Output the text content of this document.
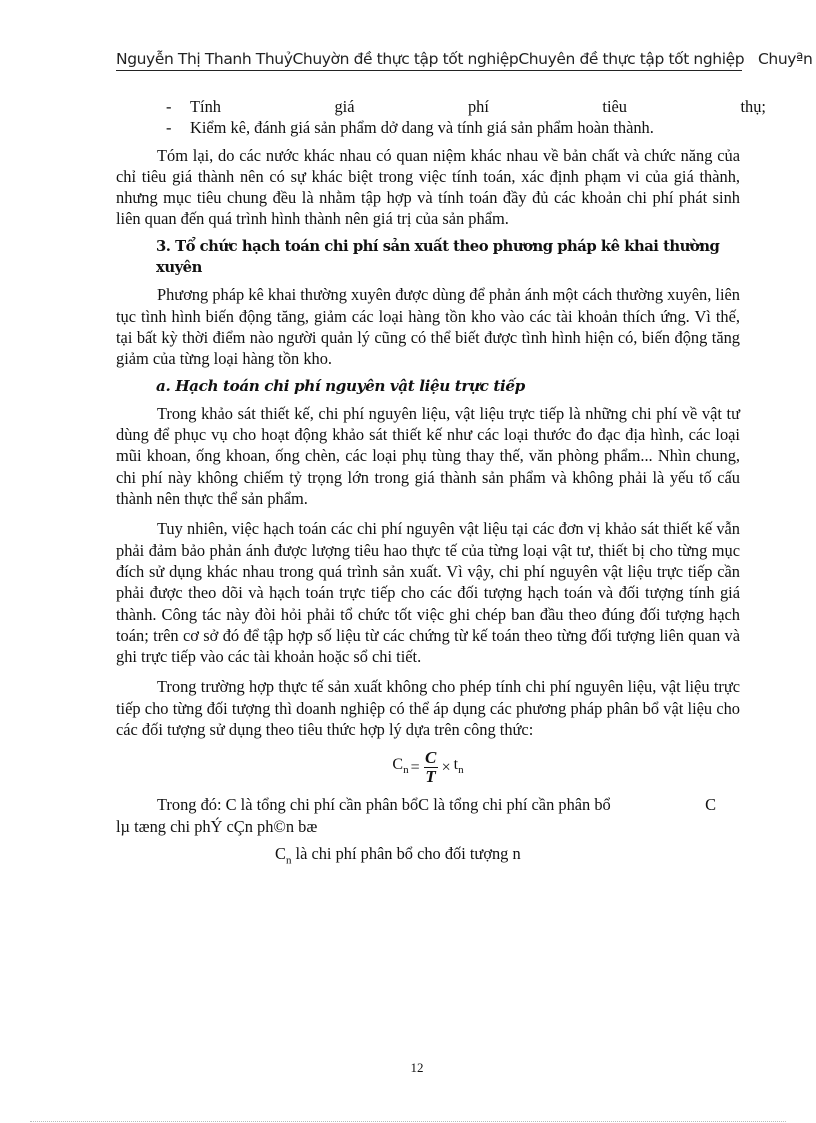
Nguyễn Thị Thanh ThuỷChuyờn đề thực tập tốt nghiệpChuyên đề thực tập tốt nghiệp Chuyªn

- Tính	giá	phí	tiêu	thụ;

- Kiểm kê, đánh giá sản phẩm dở dang và tính giá sản phẩm hoàn thành.

Tóm lại, do các nước khác nhau có quan niệm khác nhau về bản chất và chức năng của chỉ tiêu giá thành nên có sự khác biệt trong việc tính toán, xác định phạm vi của giá thành, nhưng mục tiêu chung đều là nhằm tập hợp và tính toán đầy đủ các khoản chi phí phát sinh liên quan đến quá trình hình thành nên giá trị của sản phẩm.

3. Tổ chức hạch toán chi phí sản xuất theo phương pháp kê khai thường xuyên

Phương pháp kê khai thường xuyên được dùng để phản ánh một cách thường xuyên, liên tục tình hình biến động tăng, giảm các loại hàng tồn kho vào các tài khoản thích ứng. Vì thế, tại bất kỳ thời điểm nào người quản lý cũng có thể biết được tình hình hiện có, biến động tăng giảm của từng loại hàng tồn kho.

a. Hạch toán chi phí nguyên vật liệu trực tiếp

Trong khảo sát thiết kế, chi phí nguyên liệu, vật liệu trực tiếp là những chi phí về vật tư dùng để phục vụ cho hoạt động khảo sát thiết kế như các loại thước đo đạc địa hình, các loại mũi khoan, ống khoan, ống chèn, các loại phụ tùng thay thế, văn phòng phẩm... Nhìn chung, chi phí này không chiếm tỷ trọng lớn trong giá thành sản phẩm và không phải là yếu tố cấu thành nên thực thể sản phẩm.

Tuy nhiên, việc hạch toán các chi phí nguyên vật liệu tại các đơn vị khảo sát thiết kế vẫn phải đảm bảo phản ánh được lượng tiêu hao thực tế của từng loại vật tư, thiết bị cho từng mục đích sử dụng khác nhau trong quá trình sản xuất. Vì vậy, chi phí nguyên vật liệu trực tiếp cần phải được theo dõi và hạch toán trực tiếp cho các đối tượng hạch toán và đối tượng tính giá thành. Công tác này đòi hỏi phải tổ chức tốt việc ghi chép ban đầu theo đúng đối tượng hạch toán; trên cơ sở đó để tập hợp số liệu từ các chứng từ kế toán theo từng đối tượng liên quan và ghi trực tiếp vào các tài khoản hoặc sổ chi tiết.

Trong trường hợp thực tế sản xuất không cho phép tính chi phí nguyên liệu, vật liệu trực tiếp cho từng đối tượng thì doanh nghiệp có thể áp dụng các phương pháp phân bổ vật liệu cho các đối tượng sử dụng theo tiêu thức hợp lý dựa trên công thức:

$C_n = \frac{C}{T} \times t_n$

Trong đó: C là tổng chi phí cần phân bổC là tổng chi phí cần phân bổ	C

lµ tæng chi phÝ cÇn ph©n bæ

$C_n$ là chi phí phân bổ cho đối tượng n

12
